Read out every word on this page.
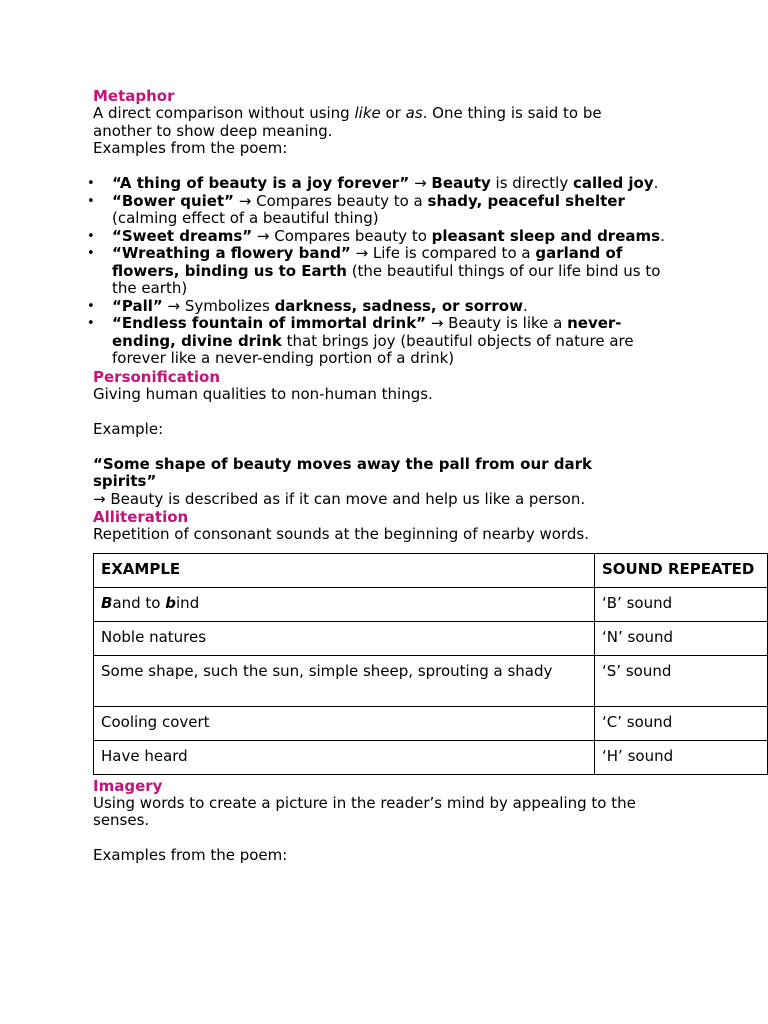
Metaphor

A direct comparison without using like or as. One thing is said to be another to show deep meaning.

Examples from the poem:

• “A thing of beauty is a joy forever” → Beauty is directly called joy.
• “Bower quiet” → Compares beauty to a shady, peaceful shelter (calming effect of a beautiful thing)
• “Sweet dreams” → Compares beauty to pleasant sleep and dreams.
• “Wreathing a flowery band” → Life is compared to a garland of flowers, binding us to Earth (the beautiful things of our life bind us to the earth)
• “Pall” → Symbolizes darkness, sadness, or sorrow.
• “Endless fountain of immortal drink” → Beauty is like a never-ending, divine drink that brings joy (beautiful objects of nature are forever like a never-ending portion of a drink)
Personification

Giving human qualities to non-human things.

Example:

“Some shape of beauty moves away the pall from our dark spirits”

→ Beauty is described as if it can move and help us like a person.

Alliteration

Repetition of consonant sounds at the beginning of nearby words.

EXAMPLE	SOUND REPEATED
Band to bind	‘B’ sound
Noble natures	‘N’ sound
Some shape, such the sun, simple sheep, sprouting a shady	‘S’ sound
Cooling covert	‘C’ sound
Have heard	‘H’ sound
Imagery

Using words to create a picture in the reader’s mind by appealing to the senses.

Examples from the poem:
